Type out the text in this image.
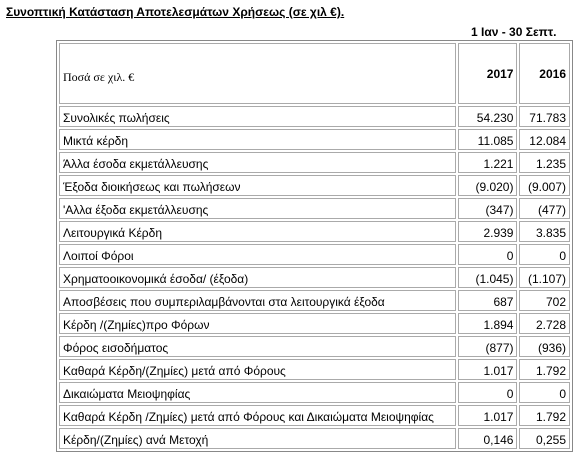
Συνοπτική Κατάσταση Αποτελεσμάτων Χρήσεως (σε χιλ €).
1 Ιαν - 30 Σεπτ.
Ποσά σε χιλ. €	2017	2016
Συνολικές πωλήσεις	54.230	71.783
Μικτά κέρδη	11.085	12.084
Άλλα έσοδα εκμετάλλευσης	1.221	1.235
Έξοδα διοικήσεως και πωλήσεων	(9.020)	(9.007)
'Αλλα έξοδα εκμετάλλευσης	(347)	(477)
Λειτουργικά Κέρδη	2.939	3.835
Λοιποί Φόροι	0	0
Χρηματοοικονομικά έσοδα/ (έξοδα)	(1.045)	(1.107)
Αποσβέσεις που συμπεριλαμβάνονται στα λειτουργικά έξοδα	687	702
Κέρδη /(Ζημίες)προ Φόρων	1.894	2.728
Φόρος εισοδήματος	(877)	(936)
Καθαρά Κέρδη/(Ζημίες) μετά από Φόρους	1.017	1.792
Δικαιώματα Μειοψηφίας	0	0
Καθαρά Κέρδη /Ζημίες) μετά από Φόρους και Δικαιώματα Μειοψηφίας	1.017	1.792
Κέρδη/(Ζημίες) ανά Μετοχή	0,146	0,255
